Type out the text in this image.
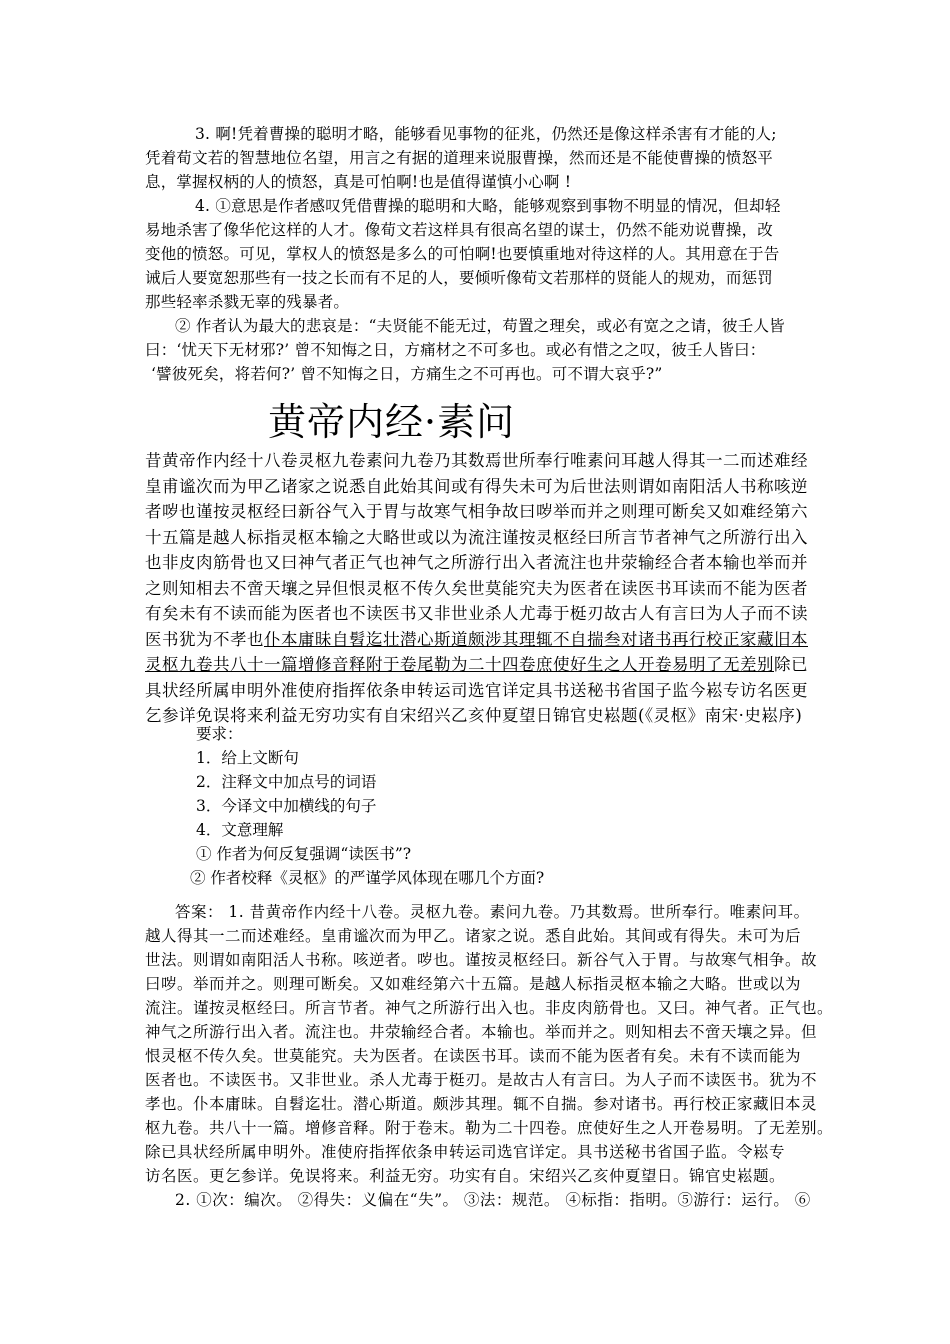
3. 啊!凭着曹操的聪明才略，能够看见事物的征兆，仍然还是像这样杀害有才能的人;
凭着荀文若的智慧地位名望，用言之有据的道理来说服曹操，然而还是不能使曹操的愤怒平
息，掌握权柄的人的愤怒，真是可怕啊!也是值得谨慎小心啊 !
4. ①意思是作者感叹凭借曹操的聪明和大略，能够观察到事物不明显的情况，但却轻
易地杀害了像华佗这样的人才。像荀文若这样具有很高名望的谋士，仍然不能劝说曹操，改
变他的愤怒。可见，掌权人的愤怒是多么的可怕啊!也要慎重地对待这样的人。其用意在于告
诫后人要宽恕那些有一技之长而有不足的人，要倾听像荀文若那样的贤能人的规劝，而惩罚
那些轻率杀戮无辜的残暴者。
② 作者认为最大的悲哀是：“夫贤能不能无过，苟置之理矣，或必有宽之之请，彼壬人皆
曰：‘忧天下无材邪?’ 曾不知悔之日，方痛材之不可多也。或必有惜之之叹，彼壬人皆曰：
‘譬彼死矣，将若何?’ 曾不知悔之日，方痛生之不可再也。可不谓大哀乎?”
黄帝内经·素问
昔黄帝作内经十八卷灵枢九卷素问九卷乃其数焉世所奉行唯素问耳越人得其一二而述难经
皇甫谧次而为甲乙诸家之说悉自此始其间或有得失未可为后世法则谓如南阳活人书称咳逆
者哕也谨按灵枢经曰新谷气入于胃与故寒气相争故曰哕举而并之则理可断矣又如难经第六
十五篇是越人标指灵枢本输之大略世或以为流注谨按灵枢经曰所言节者神气之所游行出入
也非皮肉筋骨也又曰神气者正气也神气之所游行出入者流注也井荥输经合者本输也举而并
之则知相去不啻天壤之异但恨灵枢不传久矣世莫能究夫为医者在读医书耳读而不能为医者
有矣未有不读而能为医者也不读医书又非世业杀人尤毒于梃刃故古人有言曰为人子而不读
医书犹为不孝也仆本庸昧自髫迄壮潜心斯道颇涉其理辄不自揣叁对诸书再行校正家藏旧本
灵枢九卷共八十一篇增修音释附于卷尾勒为二十四卷庶使好生之人开卷易明了无差别除已
具状经所属申明外准使府指挥依条申转运司选官详定具书送秘书省国子监今崧专访名医更
乞参详免误将来利益无穷功实有自宋绍兴乙亥仲夏望日锦官史崧题(《灵枢》南宋·史崧序)
要求：
1．给上文断句
2．注释文中加点号的词语
3．今译文中加横线的句子
4．文意理解
① 作者为何反复强调“读医书”?
② 作者校释《灵枢》的严谨学风体现在哪几个方面?
答案： 1. 昔黄帝作内经十八卷。灵枢九卷。素问九卷。乃其数焉。世所奉行。唯素问耳。
越人得其一二而述难经。皇甫谧次而为甲乙。诸家之说。悉自此始。其间或有得失。未可为后
世法。则谓如南阳活人书称。咳逆者。哕也。谨按灵枢经曰。新谷气入于胃。与故寒气相争。故
曰哕。举而并之。则理可断矣。又如难经第六十五篇。是越人标指灵枢本输之大略。世或以为
流注。谨按灵枢经曰。所言节者。神气之所游行出入也。非皮肉筋骨也。又曰。神气者。正气也。
神气之所游行出入者。流注也。井荥输经合者。本输也。举而并之。则知相去不啻天壤之异。但
恨灵枢不传久矣。世莫能究。夫为医者。在读医书耳。读而不能为医者有矣。未有不读而能为
医者也。不读医书。又非世业。杀人尤毒于梃刃。是故古人有言曰。为人子而不读医书。犹为不
孝也。仆本庸昧。自髫迄壮。潜心斯道。颇涉其理。辄不自揣。参对诸书。再行校正家藏旧本灵
枢九卷。共八十一篇。增修音释。附于卷末。勒为二十四卷。庶使好生之人开卷易明。了无差别。
除已具状经所属申明外。准使府指挥依条申转运司选官详定。具书送秘书省国子监。令崧专
访名医。更乞参详。免误将来。利益无穷。功实有自。宋绍兴乙亥仲夏望日。锦官史崧题。
2. ①次：编次。 ②得失：义偏在“失”。 ③法：规范。 ④标指：指明。⑤游行：运行。 ⑥
